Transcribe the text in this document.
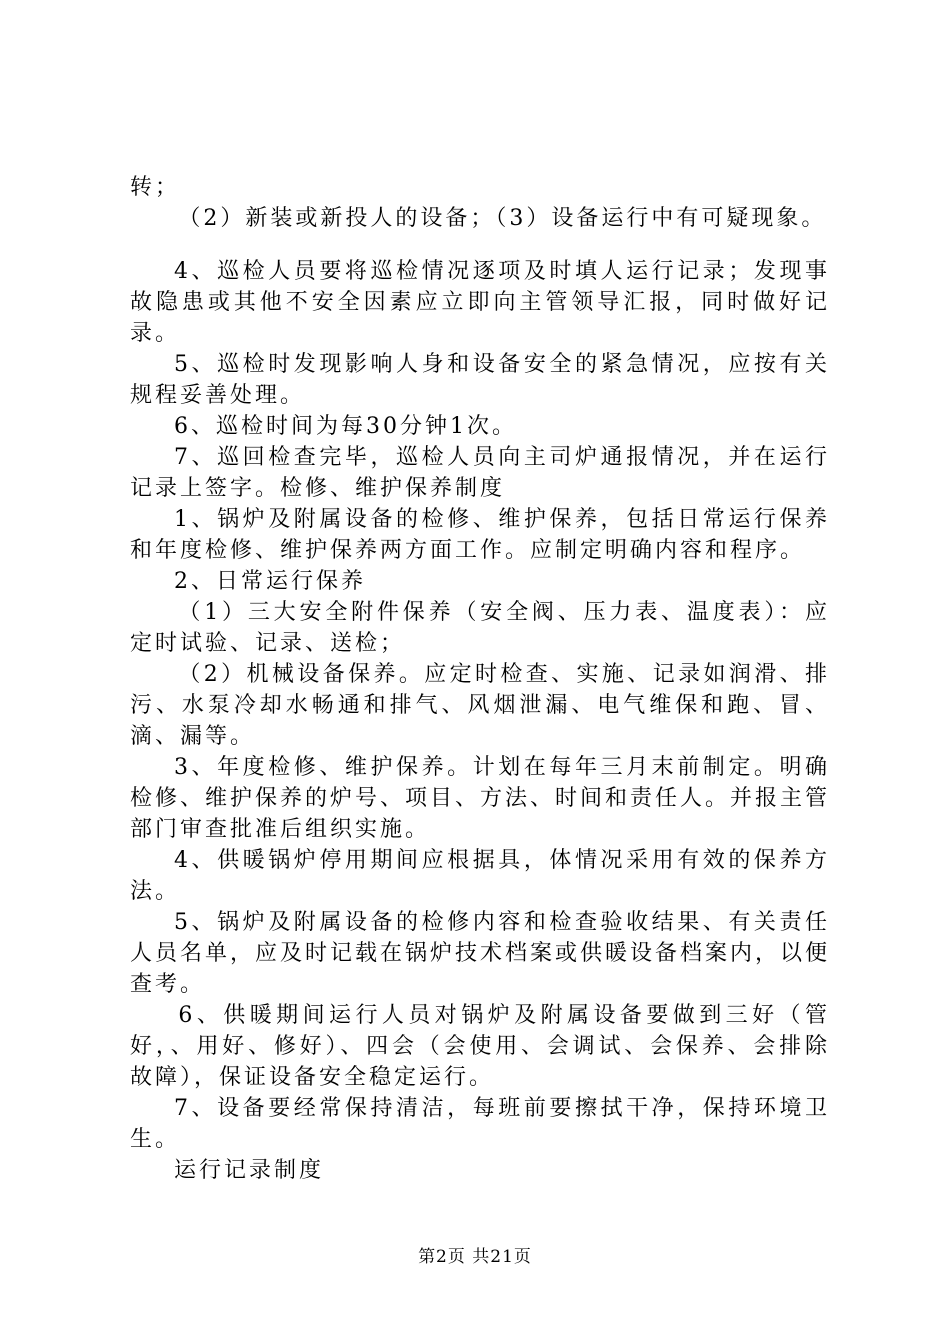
转；

（2）新装或新投人的设备；（3）设备运行中有可疑现象。

4、巡检人员要将巡检情况逐项及时填人运行记录；发现事故隐患或其他不安全因素应立即向主管领导汇报，同时做好记录。

5、巡检时发现影响人身和设备安全的紧急情况，应按有关规程妥善处理。

6、巡检时间为每30分钟1次。

7、巡回检查完毕，巡检人员向主司炉通报情况，并在运行记录上签字。检修、维护保养制度

1、锅炉及附属设备的检修、维护保养，包括日常运行保养和年度检修、维护保养两方面工作。应制定明确内容和程序。

2、日常运行保养

（1）三大安全附件保养（安全阀、压力表、温度表）：应定时试验、记录、送检；

（2）机械设备保养。应定时检查、实施、记录如润滑、排污、水泵冷却水畅通和排气、风烟泄漏、电气维保和跑、冒、滴、漏等。

3、年度检修、维护保养。计划在每年三月末前制定。明确检修、维护保养的炉号、项目、方法、时间和责任人。并报主管部门审查批准后组织实施。

4、供暖锅炉停用期间应根据具，体情况采用有效的保养方法。

5、锅炉及附属设备的检修内容和检查验收结果、有关责任人员名单，应及时记载在锅炉技术档案或供暖设备档案内，以便查考。

6、供暖期间运行人员对锅炉及附属设备要做到三好（管好，、用好、修好）、四会（会使用、会调试、会保养、会排除故障），保证设备安全稳定运行。

7、设备要经常保持清洁，每班前要擦拭干净，保持环境卫生。

运行记录制度

第2页 共21页
